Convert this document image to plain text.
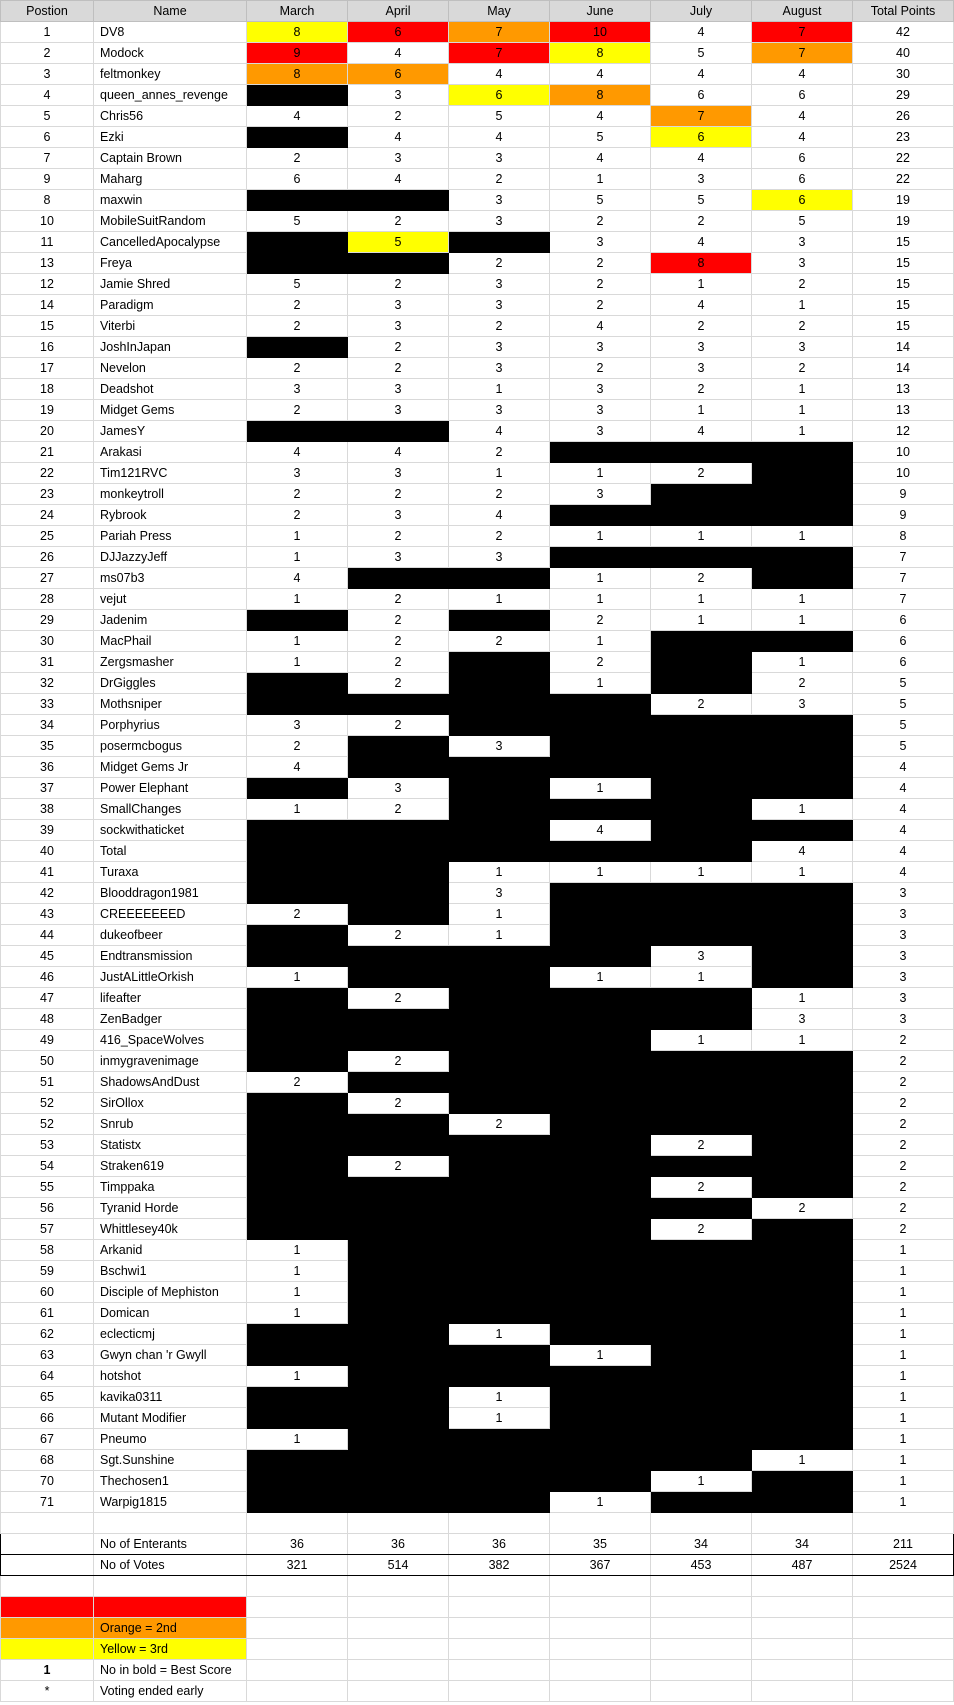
Postion	Name	March	April	May	June	July	August	Total Points
1	DV8	8	6	7	10	4	7	42
2	Modock	9	4	7	8	5	7	40
3	feltmonkey	8	6	4	4	4	4	30
4	queen_annes_revenge		3	6	8	6	6	29
5	Chris56	4	2	5	4	7	4	26
6	Ezki		4	4	5	6	4	23
7	Captain Brown	2	3	3	4	4	6	22
9	Maharg	6	4	2	1	3	6	22
8	maxwin			3	5	5	6	19
10	MobileSuitRandom	5	2	3	2	2	5	19
11	CancelledApocalypse		5		3	4	3	15
13	Freya			2	2	8	3	15
12	Jamie Shred	5	2	3	2	1	2	15
14	Paradigm	2	3	3	2	4	1	15
15	Viterbi	2	3	2	4	2	2	15
16	JoshInJapan		2	3	3	3	3	14
17	Nevelon	2	2	3	2	3	2	14
18	Deadshot	3	3	1	3	2	1	13
19	Midget Gems	2	3	3	3	1	1	13
20	JamesY			4	3	4	1	12
21	Arakasi	4	4	2				10
22	Tim121RVC	3	3	1	1	2		10
23	monkeytroll	2	2	2	3			9
24	Rybrook	2	3	4				9
25	Pariah Press	1	2	2	1	1	1	8
26	DJJazzyJeff	1	3	3				7
27	ms07b3	4			1	2		7
28	vejut	1	2	1	1	1	1	7
29	Jadenim		2		2	1	1	6
30	MacPhail	1	2	2	1			6
31	Zergsmasher	1	2		2		1	6
32	DrGiggles		2		1		2	5
33	Mothsniper					2	3	5
34	Porphyrius	3	2					5
35	posermcbogus	2		3				5
36	Midget Gems Jr	4						4
37	Power Elephant		3		1			4
38	SmallChanges	1	2				1	4
39	sockwithaticket				4			4
40	Total						4	4
41	Turaxa			1	1	1	1	4
42	Blooddragon1981			3				3
43	CREEEEEEED	2		1				3
44	dukeofbeer		2	1				3
45	Endtransmission					3		3
46	JustALittleOrkish	1			1	1		3
47	lifeafter		2				1	3
48	ZenBadger						3	3
49	416_SpaceWolves					1	1	2
50	inmygravenimage		2					2
51	ShadowsAndDust	2						2
52	SirOllox		2					2
52	Snrub			2				2
53	Statistx					2		2
54	Straken619		2					2
55	Timppaka					2		2
56	Tyranid Horde						2	2
57	Whittlesey40k					2		2
58	Arkanid	1						1
59	Bschwi1	1						1
60	Disciple of Mephiston	1						1
61	Domican	1						1
62	eclecticmj			1				1
63	Gwyn chan 'r Gwyll				1			1
64	hotshot	1						1
65	kavika0311			1				1
66	Mutant Modifier			1				1
67	Pneumo	1						1
68	Sgt.Sunshine						1	1
70	Thechosen1					1		1
71	Warpig1815				1			1

	No of Enterants	36	36	36	35	34	34	211
	No of Votes	321	514	382	367	453	487	2524

	Orange = 2nd							
	Yellow = 3rd							
1	No in bold = Best Score							
*	Voting ended early							
